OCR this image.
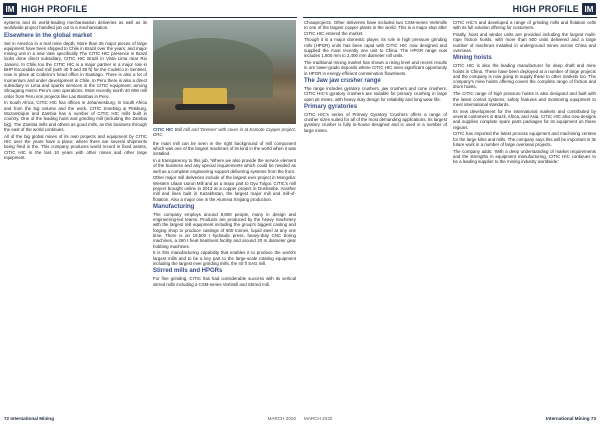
IM HIGH PROFILE

systems and its world-leading mechanisation deliveries as well as its worldwide project handled job out to a mechanisation.

Elsewhere in the global market

Set in America in a real mine depth, More than 35 major pieces of large equipment have been shipped to Chile in Brazil over the years, and major mining unit in a new Vale specifically The CITIC HIC presence in Brazil looks done direct subsidiary, CITIC HIC Brazil in Vista Lima near Rio Janeiro. In Chile too the CITIC HIC is a major partner in a major role in BHP Escondida and mill (with 40 ft and 38 ft) for the Codelco in Sentinel, now in place at Codelco's head office in Santiago. There is also a lot of momentum and under development in Chile. In Peru there is also a direct subsidiary in Lima and sparks services in the CITIC equipment; among Shougang Hierro Peru's own operations. Most recently worth 40 MW mill order from Peru iron projects like Las Bambas in Peru.

In South Africa, CITIC HIC has offices in Johannesburg. In South Africa and from the big volume and the work, CITIC Smelting & Pittsburg, Mozambique and Zambia has a number of CITIC HIC mills built in country. One of the leading hoist and grinding mill (including the Zambia big). The Zambia mills and others as good mills, as this business through the east of the world continues.

All of the big global mines of its own projects and equipment by CITIC HIC over the years have a place; where there are several shipments being fired in the. This company produces world record in fixed assets, CITIC HIC in the last 10 years with other mines and other large equipment.

CITIC HIC Ball mill and 'Dresser' with cover in at Kamoto Copper project, DRC

the main mill can be seen in the right background of mill component which was one of the largest machines of its kind in the world when it was installed.

In a transparency to this job, 'Where we also provide the service element of the business and any special requirements which could be needed as well as a complete engineering support delivering systems from the front.

Other major mill deliveries include of the largest ever project in Mongolia: Western Ulaan Uurun Mill and as a major part to Oyu Tolgoi. CITIC's mill project brought online in 2013 at a copper project in Dushanbe. Another mill and lines built in Kazakhstan, the largest major mill and mill-of-flotation. Also a major one in the Alumina Xinjiang production.

Manufacturing

The company employs around 8,800 people, many in design and engineering-led teams. Products are produced by the heavy machinery with the largest mill equipment including the group's biggest casting and forging shop to produce castings of 600 tonnes, liquid steel at any one time. There is an 18,500 t hydraulic press, heavy-duty CNC boring machines, a 260 t heat treatment facility and around 20 m diameter gear hobbing machines.

It is this manufacturing capability that enables it to produce the world's largest mills and to be a key part to the large-scale rotating equipment including the largest ever grinding mills, the 40 ft SAG mill.

Stirred mills and HPGRs

For fine grinding, CITIC has had considerable success with its vertical stirred mills including a CSM-series Vertimill and Stirred mill.

72 International Mining	MARCH 2020
HIGH PROFILE IM

Chinaprojects. Other deliveries have included two CSM-series Vertimills to one of the largest copper plants in the world. This is a major step after CITIC HIC entered the market.

Though it is a major domestic player, its role in high pressure grinding rolls (HPGR) units has been rapid with CITIC HIC now designed and supplied the most recently one unit to China. The HPGR range now includes 1,600 mm to 2,400 mm diameter roll units.

The traditional mining market has shown a rising level and recent results in ore lower-grade deposits where CITIC HIC sees significant opportunity in HPGR in energy-efficient comminution flowsheets.

The Jaw jaw crusher range

The range includes gyratory crushers, jaw crushers and cone crushers. CITIC HIC's gyratory crushers are suitable for primary crushing in large open pit mines, with heavy duty design for reliability and long wear life.

Primary gyratories

CITIC HIC's series of Primary Gyratory Crushers offers a range of crusher sizes suited for all of the most demanding applications. Its largest gyratory crusher is fully in-house designed and is used in a number of large mines.

CITIC HIC's and developed a range of grinding mills and flotation cells with its full solution offering for customers.

Finally, hoist and winder units are provided including the largest multi-rope friction hoists, with more than 500 units delivered and a large number of machines installed in underground mines across China and overseas.

Mining hoists

CITIC HIC is also the leading manufacturer for deep shaft and mine hoists in China. These have been deployed at a number of large projects and the company is now going to supply these to other markets too. The company's mine hoists offering covers the complete range of friction and drum hoists.

The CITIC range of high pressure hoists is also designed and built with the latest control systems, safety features and monitoring equipment to meet international standards.

Its new development for the international markets and contributed by several customers in Brazil, Africa, and Asia. CITIC HIC also now designs and supplies complete spare parts packages for its equipment on these regions.

CITIC has imported the latest process equipment and machining centres for the large kilns and mills. The company says this will be important in its future work in a number of large overseas projects.

The company adds: 'With a deep understanding of market requirements and the strengths in equipment manufacturing, CITIC HIC continues to be a leading supplier to the mining industry worldwide.'

MARCH 2020	International Mining 73
